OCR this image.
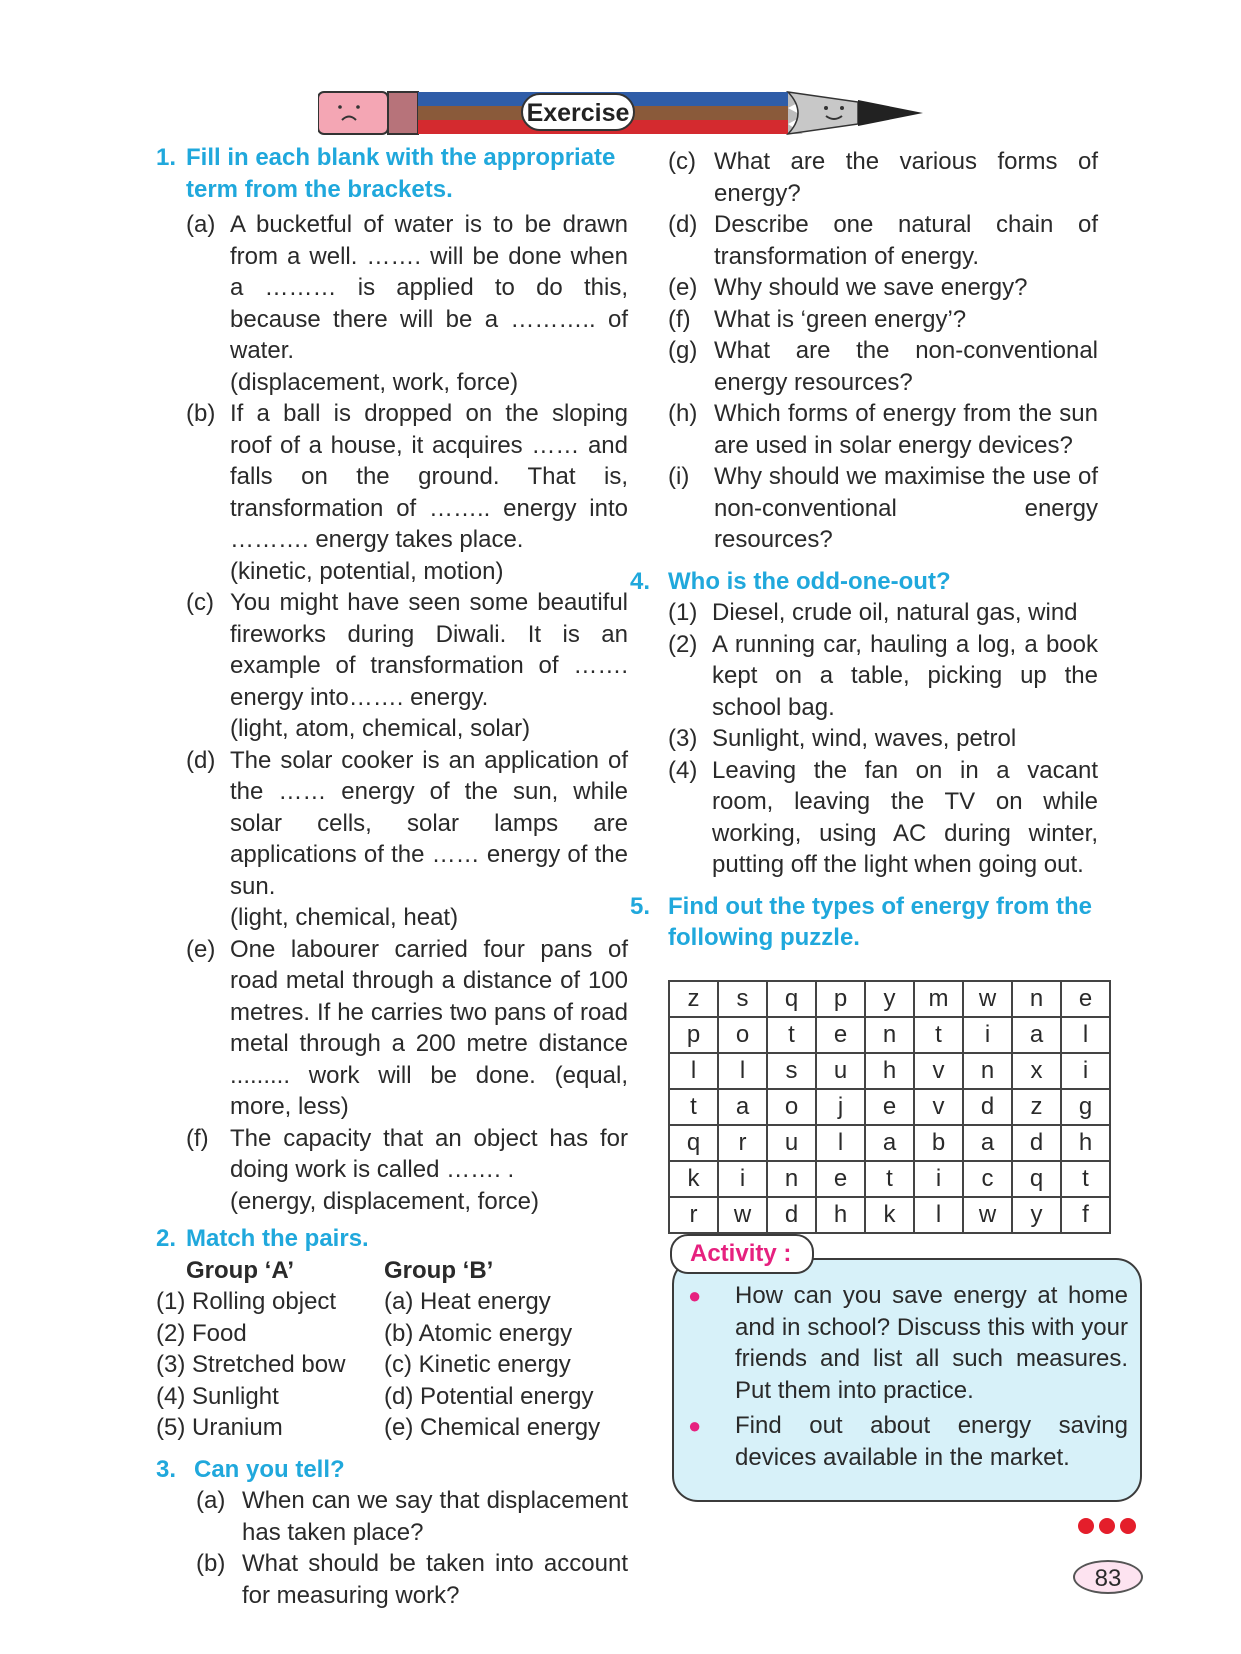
Exercise
1. Fill in each blank with the appropriate term from the brackets.
(a) A bucketful of water is to be drawn from a well. ……. will be done when a ……… is applied to do this, because there will be a ……….. of water.
(displacement, work, force)
(b) If a ball is dropped on the sloping roof of a house, it acquires …… and falls on the ground. That is, transformation of …….. energy into ………. energy takes place.
(kinetic, potential, motion)
(c) You might have seen some beautiful fireworks during Diwali. It is an example of transformation of ……. energy into……. energy.
(light, atom, chemical, solar)
(d) The solar cooker is an application of the …… energy of the sun, while solar cells, solar lamps are applications of the …… energy of the sun.
(light, chemical, heat)
(e) One labourer carried four pans of road metal through a distance of 100 metres. If he carries two pans of road metal through a 200 metre distance ......... work will be done. (equal, more, less)
(f) The capacity that an object has for doing work is called ……. .
(energy, displacement, force)
2. Match the pairs.
Group ‘A’	Group ‘B’
(1) Rolling object	(a) Heat energy
(2) Food	(b) Atomic energy
(3) Stretched bow	(c) Kinetic energy
(4) Sunlight	(d) Potential energy
(5) Uranium	(e) Chemical energy
3. Can you tell?
(a) When can we say that displacement has taken place?
(b) What should be taken into account for measuring work?
(c) What are the various forms of energy?
(d) Describe one natural chain of transformation of energy.
(e) Why should we save energy?
(f) What is ‘green energy’?
(g) What are the non-conventional energy resources?
(h) Which forms of energy from the sun are used in solar energy devices?
(i)	Why should we maximise the use of non-conventional energy resources?
4. Who is the odd-one-out?
(1) Diesel, crude oil, natural gas, wind
(2) A running car, hauling a log, a book kept on a table, picking up the school bag.
(3) Sunlight, wind, waves, petrol
(4) Leaving the fan on in a vacant room, leaving the TV on while working, using AC during winter, putting off the light when going out.
5. Find out the types of energy from the following puzzle.
z	s	q	p	y	m	w	n	e
p	o	t	e	n	t	i	a	l
l	l	s	u	h	v	n	x	i
t	a	o	j	e	v	d	z	g
q	r	u	l	a	b	a	d	h
k	i	n	e	t	i	c	q	t
r	w	d	h	k	l	w	y	f
Activity :
●	How can you save energy at home and in school? Discuss this with your friends and list all such measures. Put them into practice.
●	Find out about energy saving devices available in the market.
83
